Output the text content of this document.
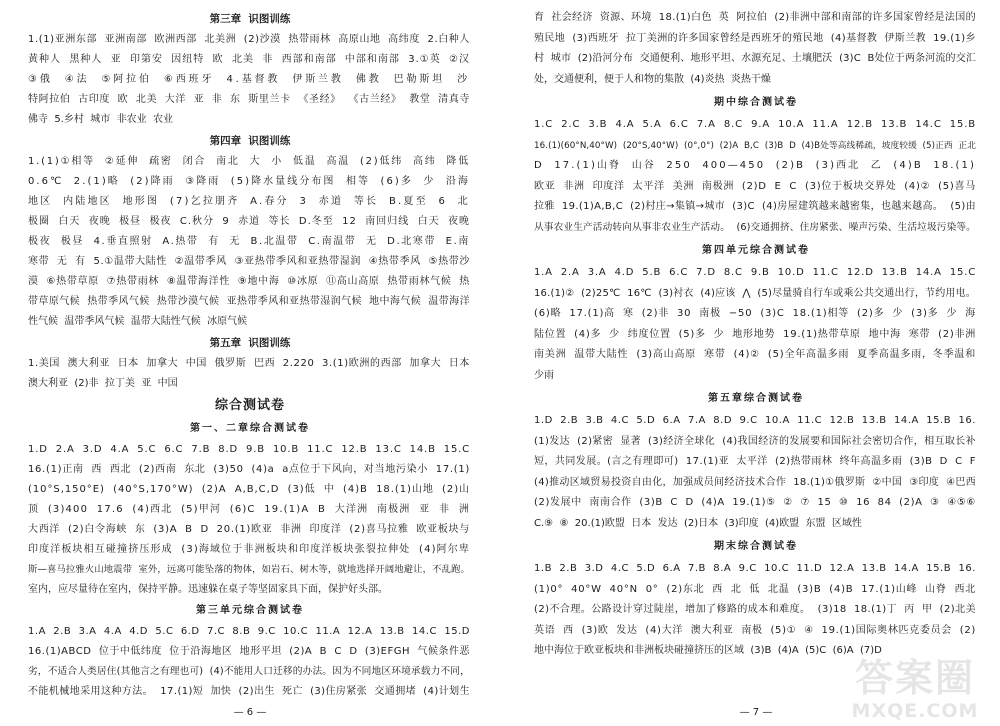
第三章  识图训练
1.(1)亚洲东部  亚洲南部  欧洲西部  北美洲  (2)沙漠  热带雨林  高原山地  高纬度  2.白种人
黄种人  黑种人  亚  印第安  因纽特  欧  北美  非  西部和南部  中部和南部  3.①英  ②汉
③俄  ④法  ⑤阿拉伯  ⑥西班牙  4.基督教  伊斯兰教  佛教  巴勒斯坦  沙
特阿拉伯  古印度  欧  北美  大洋  亚  非  东  斯里兰卡  《圣经》  《古兰经》  教堂  清真寺
佛寺  5.乡村  城市  非农业  农业
第四章  识图训练
1.(1)①相等  ②延伸  疏密  闭合  南北  大  小  低温  高温  (2)低纬  高纬  降低
0.6℃  2.(1)略  (2)降雨  ③降雨  (5)降水量线分布图  相等  (6)多  少  沿海
地区  内陆地区  地形图  (7)乞拉朋齐  A.春分  3  赤道  等长  B.夏至  6  北
极圈  白天  夜晚  极昼  极夜  C.秋分  9  赤道  等长  D.冬至  12  南回归线  白天  夜晚
极夜  极昼  4.垂直照射  A.热带  有  无  B.北温带  C.南温带  无  D.北寒带  E.南
寒带  无  有  5.①温带大陆性  ②温带季风  ③亚热带季风和亚热带湿润  ④热带季风  ⑤热带沙
漠  ⑥热带草原  ⑦热带雨林  ⑧温带海洋性  ⑨地中海  ⑩冰原  ⑪高山高原  热带雨林气候  热
带草原气候  热带季风气候  热带沙漠气候  亚热带季风和亚热带湿润气候  地中海气候  温带海洋
性气候  温带季风气候  温带大陆性气候  冰原气候
第五章  识图训练
1.美国  澳大利亚  日本  加拿大  中国  俄罗斯  巴西  2.220  3.(1)欧洲的西部  加拿大  日本
澳大利亚  (2)非  拉丁美  亚  中国
综合测试卷
第一、二章综合测试卷
1.D  2.A  3.D  4.A  5.C  6.C  7.B  8.D  9.B  10.B  11.C  12.B  13.C  14.B  15.C
16.(1)正南  西  西北  (2)西南  东北  (3)50  (4)a  a点位于下风向，对当地污染小  17.(1)
(10°S,150°E)  (40°S,170°W)  (2)A  A,B,C,D  (3)低  中  (4)B  18.(1)山地  (2)山
顶  (3)400  17.6  (4)西北  (5)甲河  (6)C  19.(1)A  B  大洋洲  南极洲  亚  非  洲
大西洋  (2)白令海峡  东  (3)A  B  D  20.(1)欧亚  非洲  印度洋  (2)喜马拉雅  欧亚板块与
印度洋板块相互碰撞挤压形成  (3)海域位于非洲板块和印度洋板块张裂拉伸处  (4)阿尔卑
斯—喜马拉雅火山地震带  室外，远离可能坠落的物体，如岩石、树木等，就地选择开阔地避让，不乱跑。
室内，应尽量待在室内，保持平静。迅速躲在桌子等坚固家具下面，保护好头部。
第三单元综合测试卷
1.A  2.B  3.A  4.A  4.D  5.C  6.D  7.C  8.B  9.C  10.C  11.A  12.A  13.B  14.C  15.D
16.(1)ABCD  位于中低纬度  位于沿海地区  地形平坦  (2)A  B  C  D  (3)EFGH  气候条件恶
劣，不适合人类居住(其他言之有理也可)  (4)不能用人口迁移的办法。因为不同地区环境承载力不同，
不能机械地采用这种方法。  17.(1)短  加快  (2)出生  死亡  (3)住房紧张  交通拥堵  (4)计划生
— 6 —
育  社会经济  资源、环境  18.(1)白色  英  阿拉伯  (2)非洲中部和南部的许多国家曾经是法国的
殖民地  (3)西班牙  拉丁美洲的许多国家曾经是西班牙的殖民地  (4)基督教  伊斯兰教  19.(1)乡
村  城市  (2)沿河分布  交通便利、地形平坦、水源充足、土壤肥沃  (3)C  B处位于两条河流的交汇
处，交通便利，便于人和物的集散  (4)炎热  炎热干燥
期中综合测试卷
1.C  2.C  3.B  4.A  5.A  6.C  7.A  8.C  9.A  10.A  11.A  12.B  13.B  14.C  15.B
16.(1)(60°N,40°W)  (20°S,40°W)  (0°,0°)  (2)A  B,C  (3)B  D  (4)B处等高线稀疏，坡度较缓  (5)正西  正北
D  17.(1)山脊  山谷  250  400—450  (2)B  (3)西北  乙  (4)B  18.(1)
欧亚  非洲  印度洋  太平洋  美洲  南极洲  (2)D  E  C  (3)位于板块交界处  (4)②  (5)喜马
拉雅  19.(1)A,B,C  (2)村庄→集镇→城市  (3)C  (4)房屋建筑越来越密集，也越来越高。  (5)由
从事农业生产活动转向从事非农业生产活动。  (6)交通拥挤、住房紧张、噪声污染、生活垃圾污染等。
第四单元综合测试卷
1.A  2.A  3.A  4.D  5.B  6.C  7.D  8.C  9.B  10.D  11.C  12.D  13.B  14.A  15.C
16.(1)②  (2)25℃  16℃  (3)衬衣  (4)应该  ⋀  (5)尽量骑自行车或乘公共交通出行，节约用电。
(6)略  17.(1)高  寒  (2)非  30  南极  −50  (3)C  18.(1)相等  (2)多  少  (3)多  少  海
陆位置  (4)多  少  纬度位置  (5)多  少  地形地势  19.(1)热带草原  地中海  寒带  (2)非洲
南美洲  温带大陆性  (3)高山高原  寒带  (4)②  (5)全年高温多雨  夏季高温多雨，冬季温和
少雨
第五章综合测试卷
1.D  2.B  3.B  4.C  5.D  6.A  7.A  8.D  9.C  10.A  11.C  12.B  13.B  14.A  15.B  16.
(1)发达  (2)紧密  显著  (3)经济全球化  (4)我国经济的发展要和国际社会密切合作，相互取长补
短，共同发展。(言之有理即可)  17.(1)亚  太平洋  (2)热带雨林  终年高温多雨  (3)B  D  C  F
(4)推动区域贸易投资自由化，加强成员间经济技术合作  18.(1)①俄罗斯  ②中国  ③印度  ④巴西
(2)发展中  南南合作  (3)B  C  D  (4)A  19.(1)⑤  ②  ⑦  15  ⑩  16  84  (2)A  ③  ④⑤⑥
C.⑨  ⑧  20.(1)欧盟  日本  发达  (2)日本  (3)印度  (4)欧盟  东盟  区域性
期末综合测试卷
1.B  2.B  3.D  4.C  5.D  6.A  7.B  8.A  9.C  10.C  11.D  12.A  13.B  14.A  15.B  16.
(1)0°  40°W  40°N  0°  (2)东北  西  北  低  北温  (3)B  (4)B  17.(1)山峰  山脊  西北
(2)不合理。公路设计穿过陡崖，增加了修路的成本和难度。  (3)18  18.(1)丁  丙  甲  (2)北美
英语  西  (3)欧  发达  (4)大洋  澳大利亚  南极  (5)①  ④  19.(1)国际奥林匹克委员会  (2)
地中海位于欧亚板块和非洲板块碰撞挤压的区域  (3)B  (4)A  (5)C  (6)A  (7)D
— 7 —
答案圈
MXQE.COM
